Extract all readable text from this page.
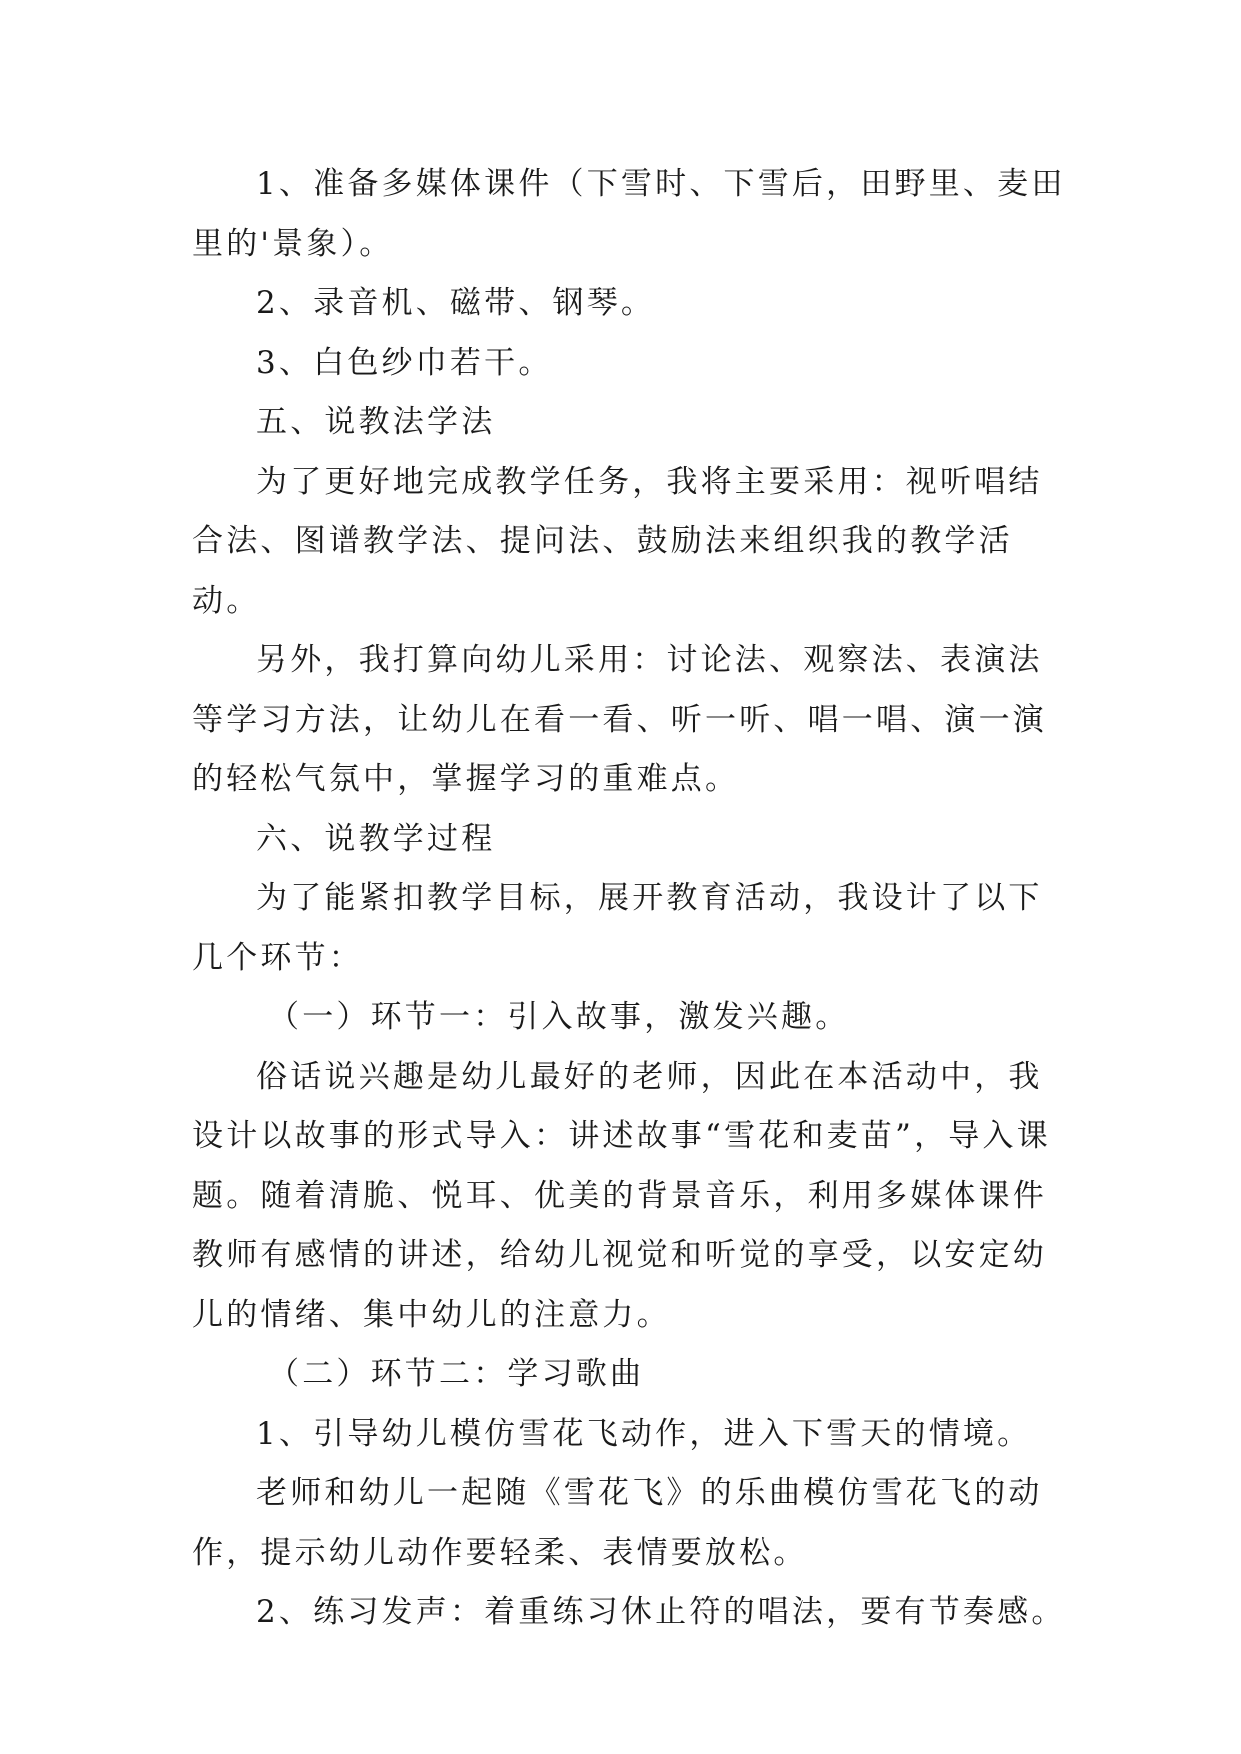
1、准备多媒体课件（下雪时、下雪后，田野里、麦田里的'景象）。

2、录音机、磁带、钢琴。

3、白色纱巾若干。

五、说教法学法

为了更好地完成教学任务，我将主要采用：视听唱结合法、图谱教学法、提问法、鼓励法来组织我的教学活动。

另外，我打算向幼儿采用：讨论法、观察法、表演法等学习方法，让幼儿在看一看、听一听、唱一唱、演一演的轻松气氛中，掌握学习的重难点。

六、说教学过程

为了能紧扣教学目标，展开教育活动，我设计了以下几个环节：

（一）环节一：引入故事，激发兴趣。

俗话说兴趣是幼儿最好的老师，因此在本活动中，我设计以故事的形式导入：讲述故事“雪花和麦苗”，导入课题。随着清脆、悦耳、优美的背景音乐，利用多媒体课件教师有感情的讲述，给幼儿视觉和听觉的享受，以安定幼儿的情绪、集中幼儿的注意力。

（二）环节二：学习歌曲

1、引导幼儿模仿雪花飞动作，进入下雪天的情境。

老师和幼儿一起随《雪花飞》的乐曲模仿雪花飞的动作，提示幼儿动作要轻柔、表情要放松。

2、练习发声：着重练习休止符的唱法，要有节奏感。
